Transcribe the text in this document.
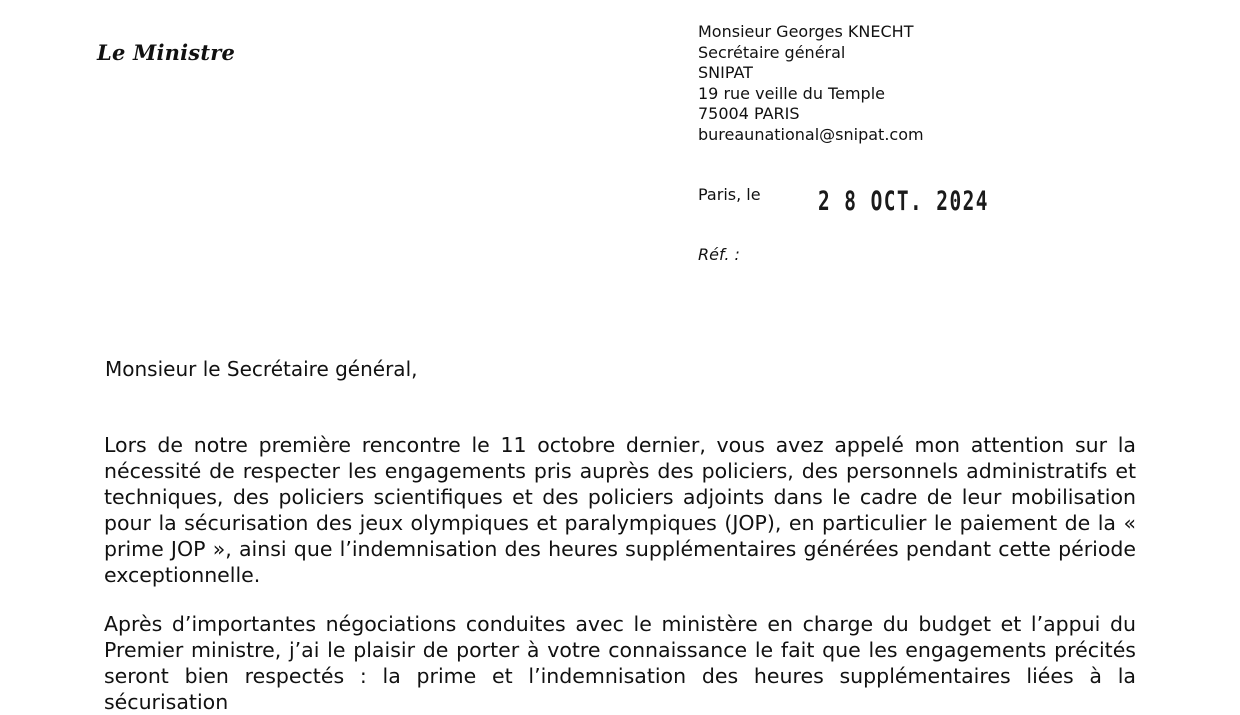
Le Ministre
Monsieur Georges KNECHT
Secrétaire général
SNIPAT
19 rue veille du Temple
75004 PARIS
bureaunational@snipat.com
Paris, le 2 8 OCT. 2024
Réf. :
Monsieur le Secrétaire général,
Lors de notre première rencontre le 11 octobre dernier, vous avez appelé mon attention sur la nécessité de respecter les engagements pris auprès des policiers, des personnels administratifs et techniques, des policiers scientifiques et des policiers adjoints dans le cadre de leur mobilisation pour la sécurisation des jeux olympiques et paralympiques (JOP), en particulier le paiement de la « prime JOP », ainsi que l’indemnisation des heures supplémentaires générées pendant cette période exceptionnelle.
Après d’importantes négociations conduites avec le ministère en charge du budget et l’appui du Premier ministre, j’ai le plaisir de porter à votre connaissance le fait que les engagements précités seront bien respectés : la prime et l’indemnisation des heures supplémentaires liées à la sécurisation
